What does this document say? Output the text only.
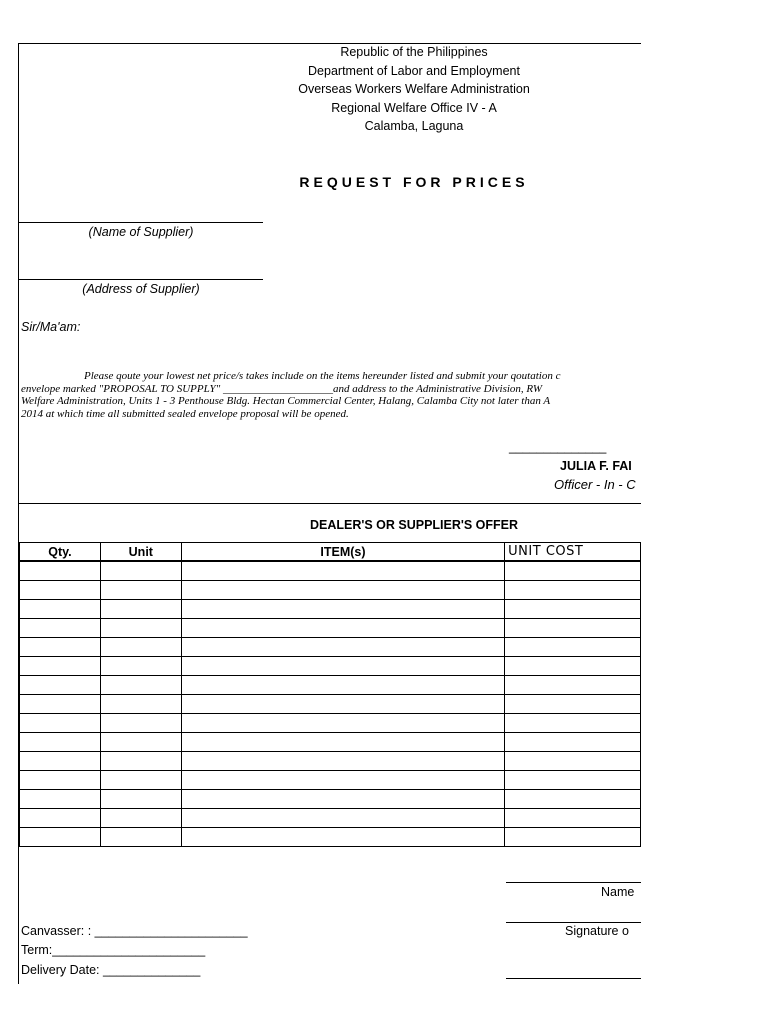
Republic of the Philippines
Department of Labor and Employment
Overseas Workers Welfare Administration
Regional Welfare Office IV - A
Calamba, Laguna
REQUEST FOR PRICES
(Name of Supplier)
(Address of Supplier)
Sir/Ma'am:
Please qoute your lowest net price/s takes include on the items hereunder listed and submit your qoutation c
envelope marked "PROPOSAL TO SUPPLY" ____________________and address to the Administrative Division, RW
Welfare Administration, Units 1 - 3 Penthouse Bldg. Hectan Commercial Center, Halang, Calamba City not later than A
2014 at which time all submitted sealed envelope proposal will be opened.
______________
JULIA F. FAI
Officer - In - C
DEALER'S OR SUPPLIER'S OFFER
Qty.	Unit	ITEM(s)	UNIT COST

Name
Signature o
Canvasser: : ______________________
Term:______________________
Delivery Date: ______________
